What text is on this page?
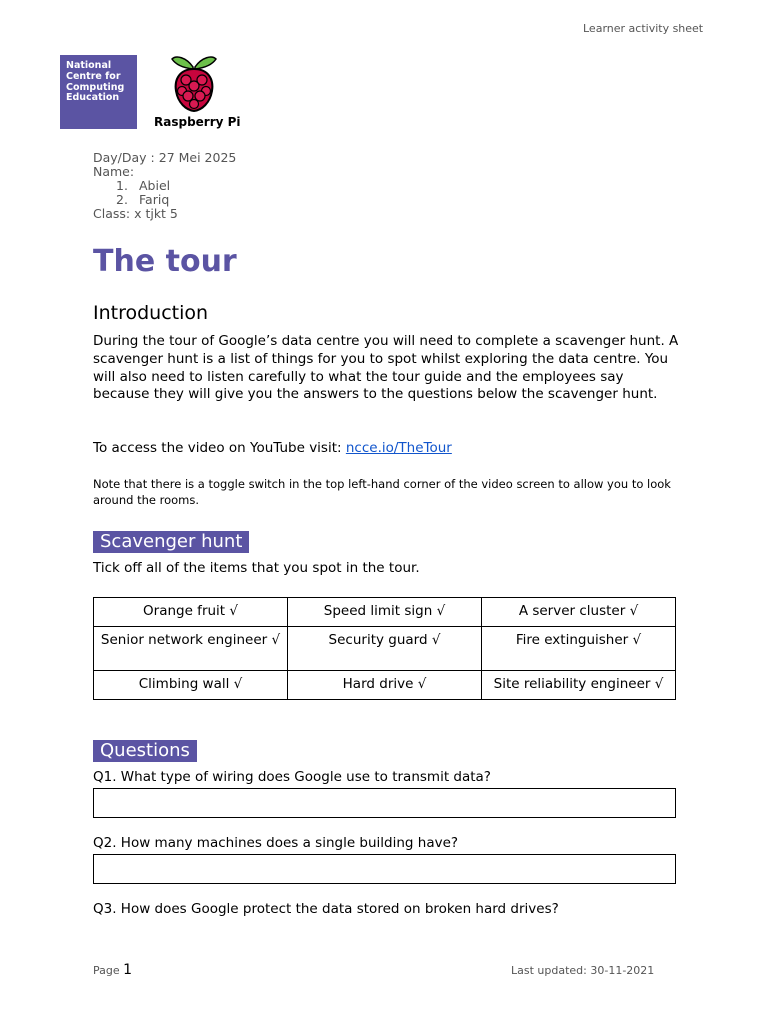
Learner activity sheet
National
Centre for
Computing
Education
Raspberry Pi
Day/Day : 27 Mei 2025
Name:
1. Abiel
2. Fariq
Class: x tjkt 5
The tour
Introduction
During the tour of Google’s data centre you will need to complete a scavenger hunt. A scavenger hunt is a list of things for you to spot whilst exploring the data centre. You will also need to listen carefully to what the tour guide and the employees say because they will give you the answers to the questions below the scavenger hunt.
To access the video on YouTube visit: ncce.io/TheTour
Note that there is a toggle switch in the top left-hand corner of the video screen to allow you to look around the rooms.
Scavenger hunt
Tick off all of the items that you spot in the tour.
Orange fruit √	Speed limit sign √	A server cluster √
Senior network engineer √	Security guard √	Fire extinguisher √
Climbing wall √	Hard drive √	Site reliability engineer √
Questions
Q1. What type of wiring does Google use to transmit data?
Q2. How many machines does a single building have?
Q3. How does Google protect the data stored on broken hard drives?
Page 1	Last updated: 30-11-2021
